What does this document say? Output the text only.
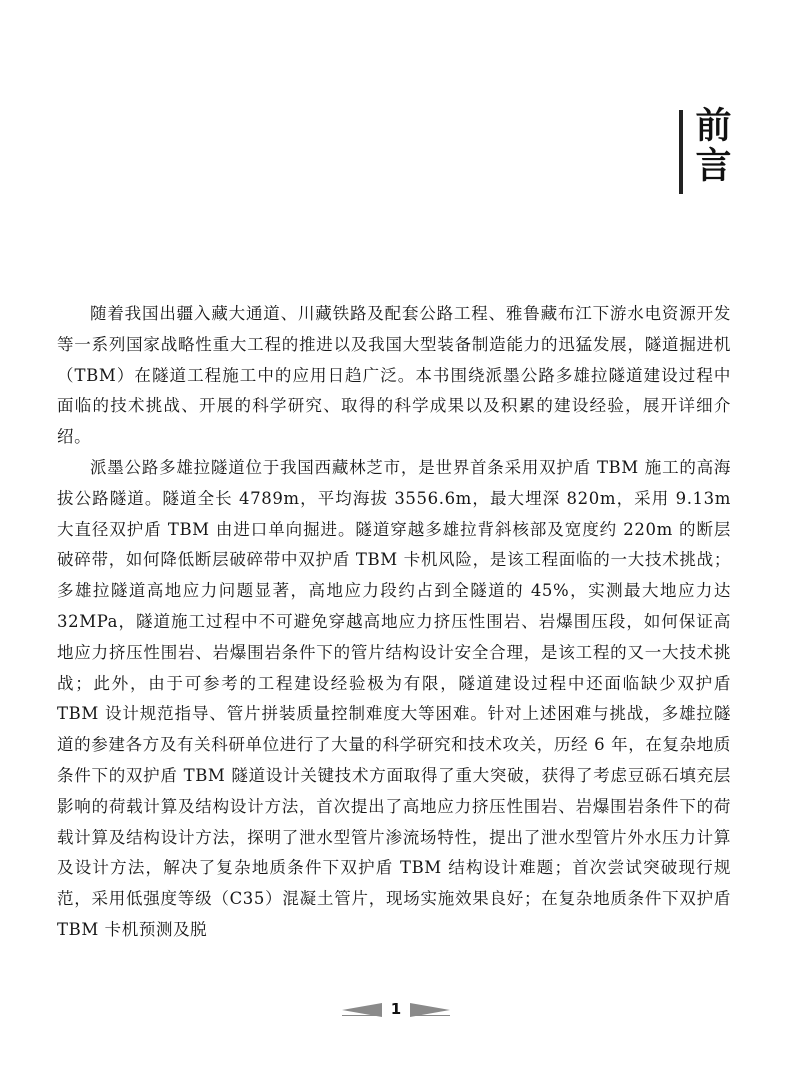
前言

随着我国出疆入藏大通道、川藏铁路及配套公路工程、雅鲁藏布江下游水电资源开发等一系列国家战略性重大工程的推进以及我国大型装备制造能力的迅猛发展，隧道掘进机（TBM）在隧道工程施工中的应用日趋广泛。本书围绕派墨公路多雄拉隧道建设过程中面临的技术挑战、开展的科学研究、取得的科学成果以及积累的建设经验，展开详细介绍。

派墨公路多雄拉隧道位于我国西藏林芝市，是世界首条采用双护盾 TBM 施工的高海拔公路隧道。隧道全长 4789m，平均海拔 3556.6m，最大埋深 820m，采用 9.13m 大直径双护盾 TBM 由进口单向掘进。隧道穿越多雄拉背斜核部及宽度约 220m 的断层破碎带，如何降低断层破碎带中双护盾 TBM 卡机风险，是该工程面临的一大技术挑战；多雄拉隧道高地应力问题显著，高地应力段约占到全隧道的 45%，实测最大地应力达 32MPa，隧道施工过程中不可避免穿越高地应力挤压性围岩、岩爆围压段，如何保证高地应力挤压性围岩、岩爆围岩条件下的管片结构设计安全合理，是该工程的又一大技术挑战；此外，由于可参考的工程建设经验极为有限，隧道建设过程中还面临缺少双护盾 TBM 设计规范指导、管片拼装质量控制难度大等困难。针对上述困难与挑战，多雄拉隧道的参建各方及有关科研单位进行了大量的科学研究和技术攻关，历经 6 年，在复杂地质条件下的双护盾 TBM 隧道设计关键技术方面取得了重大突破，获得了考虑豆砾石填充层影响的荷载计算及结构设计方法，首次提出了高地应力挤压性围岩、岩爆围岩条件下的荷载计算及结构设计方法，探明了泄水型管片渗流场特性，提出了泄水型管片外水压力计算及设计方法，解决了复杂地质条件下双护盾 TBM 结构设计难题；首次尝试突破现行规范，采用低强度等级（C35）混凝土管片，现场实施效果良好；在复杂地质条件下双护盾 TBM 卡机预测及脱

1
